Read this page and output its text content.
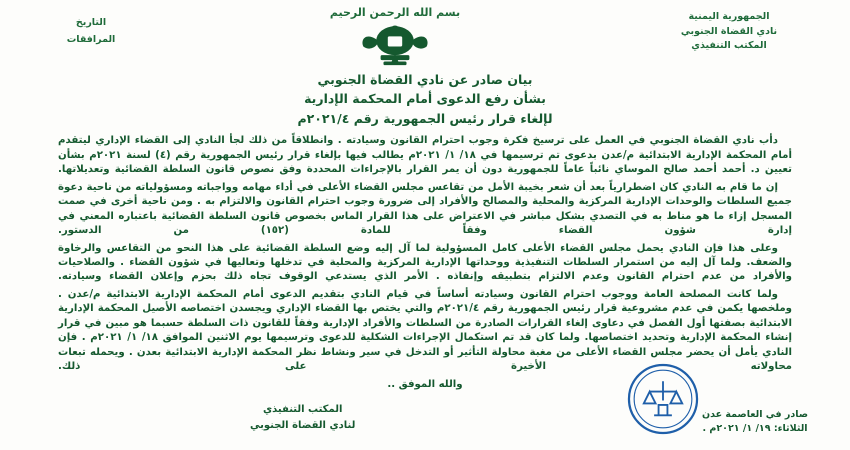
الجمهورية اليمنية
نادي القضاة الجنوبي
المكتب التنفيذي
بسم الله الرحمن الرحيم
التاريخ
المرافقات
بيان صادر عن نادي القضاة الجنوبي
بشأن رفع الدعوى أمام المحكمة الإدارية
لإلغاء قرار رئيس الجمهورية رقم ٢٠٢١/٤م

دأب نادي القضاة الجنوبي في العمل على ترسيخ فكرة وجوب احترام القانون وسيادته . وانطلاقاً من ذلك لجأ النادي إلى القضاء الإداري ليتقدم أمام المحكمة الإدارية الابتدائية م/عدن بدعوى تم ترسيمها في ١٨/ ١/ ٢٠٢١م يطالب فيها بإلغاء قرار رئيس الجمهورية رقم (٤) لسنة ٢٠٢١م بشأن تعيين د. أحمد أحمد صالح الموساي نائباً عاماً للجمهورية دون أن يمر القرار بالإجراءات المحددة وفق نصوص قانون السلطة القضائية وتعديلاتها.

إن ما قام به النادي كان اضطرارياً بعد أن شعر بخيبة الأمل من تقاعس مجلس القضاء الأعلى في أداء مهامه وواجباته ومسؤولياته من ناحية دعوة جميع السلطات والوحدات الإدارية المركزية والمحلية والمصالح والأفراد إلى ضرورة وجوب احترام القانون والالتزام به . ومن ناحية أخرى في صمت المسجل إزاء ما هو مناط به في التصدي بشكل مباشر في الاعتراض على هذا القرار الماس بخصوص قانون السلطة القضائية باعتباره المعني في إدارة شؤون القضاء وفقاً للمادة (١٥٢) من الدستور.

وعلى هذا فإن النادي يحمل مجلس القضاء الأعلى كامل المسؤولية لما آل إليه وضع السلطة القضائية على هذا النحو من التقاعس والرخاوة والضعف. ولما آل إليه من استمرار السلطات التنفيذية ووحداتها الإدارية المركزية والمحلية في تدخلها وتعاليها في شؤون القضاء . والصلاحيات والأفراد من عدم احترام القانون وعدم الالتزام بتطبيقه وإنفاذه . الأمر الذي يستدعي الوقوف تجاه ذلك بحزم وإعلان القضاء وسيادته.

ولما كانت المصلحة العامة ووجوب احترام القانون وسيادته أساساً في قيام النادي بتقديم الدعوى أمام المحكمة الإدارية الابتدائية م/عدن . وملخصها يكمن في عدم مشروعية قرار رئيس الجمهورية رقم ٢٠٢١/٤م والتي يختص بها القضاء الإداري ويجسدن اختصاصه الأصيل المحكمة الإدارية الابتدائية بصفتها أول الفصل في دعاوى إلغاء القرارات الصادرة من السلطات والأفراد الإدارية وفقاً للقانون ذات السلطة حسبما هو مبين في قرار إنشاء المحكمة الإدارية وتحديد اختصاصها. ولما كان قد تم استكمال الإجراءات الشكلية للدعوى وترسيمها يوم الاثنين الموافق ١٨/ ١/ ٢٠٢١م . فإن النادي يأمل أن يحضر مجلس القضاء الأعلى من مغبة محاولة التأثير أو التدخل في سير ونشاط نظر المحكمة الإدارية الابتدائية بعدن . ويحمله تبعات محاولاته الأخيرة على ذلك.

والله الموفق ..

صادر في العاصمة عدن
الثلاثاء: ١٩/ ١/ ٢٠٢١م .
المكتب التنفيذي
لنادي القضاة الجنوبي
